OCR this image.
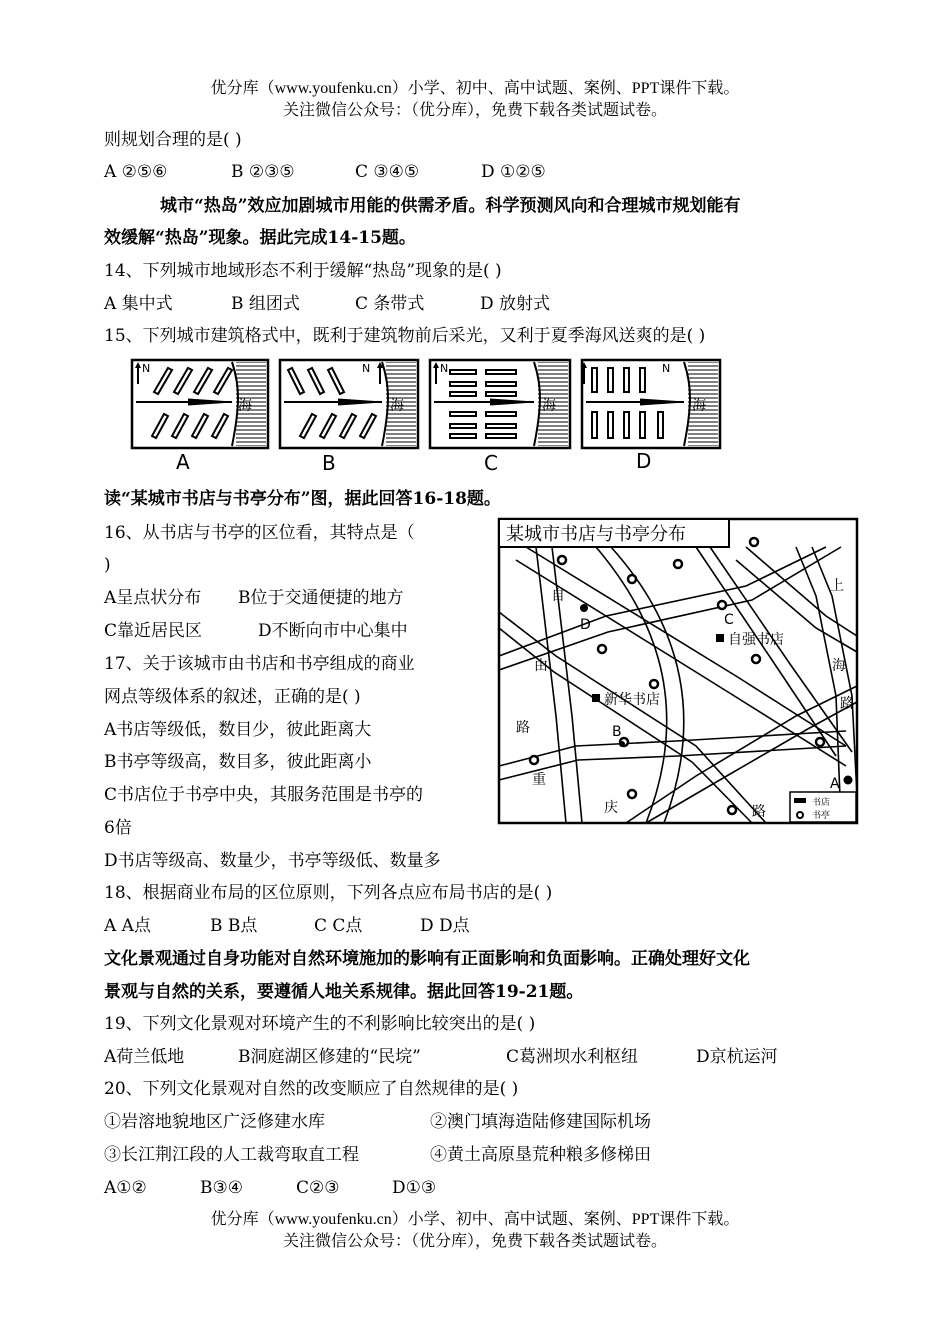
优分库（www.youfenku.cn）小学、初中、高中试题、案例、PPT课件下载。
关注微信公众号：（优分库），免费下载各类试题试卷。
则规划合理的是( )
A ②⑤⑥	B ②③⑤	C ③④⑤	D ①②⑤
城市“热岛”效应加剧城市用能的供需矛盾。科学预测风向和合理城市规划能有
效缓解“热岛”现象。据此完成14-15题。
14、下列城市地域形态不利于缓解“热岛”现象的是( )
A 集中式	B 组团式	C 条带式	D 放射式
15、下列城市建筑格式中，既利于建筑物前后采光，又利于夏季海风送爽的是( )
N
海
A
N
海
B
N
海
C
N
海
D
读“某城市书店与书亭分布”图，据此回答16-18题。
16、从书店与书亭的区位看，其特点是（
)
A呈点状分布 B位于交通便捷的地方
C靠近居民区	D不断向市中心集中
17、关于该城市由书店和书亭组成的商业
网点等级体系的叙述，正确的是( )
A书店等级低，数目少，彼此距离大
B书亭等级高，数目多，彼此距离小
C书店位于书亭中央，其服务范围是书亭的
6倍
D书店等级高、数量少，书亭等级低、数量多
某城市书店与书亭分布
自
由
路
重
庆	路
上
海
路
新华书店
自强书店
D	C
B
A
书店
书亭
18、根据商业布局的区位原则，下列各点应布局书店的是( )
A A点	B B点	C C点	D D点
文化景观通过自身功能对自然环境施加的影响有正面影响和负面影响。正确处理好文化
景观与自然的关系，要遵循人地关系规律。据此回答19-21题。
19、下列文化景观对环境产生的不利影响比较突出的是( )
A荷兰低地	B洞庭湖区修建的“民垸”	C葛洲坝水利枢纽	D京杭运河
20、下列文化景观对自然的改变顺应了自然规律的是( )
①岩溶地貌地区广泛修建水库	②澳门填海造陆修建国际机场
③长江荆江段的人工裁弯取直工程	④黄土高原垦荒种粮多修梯田
A①②	B③④	C②③	D①③
优分库（www.youfenku.cn）小学、初中、高中试题、案例、PPT课件下载。
关注微信公众号：（优分库），免费下载各类试题试卷。
